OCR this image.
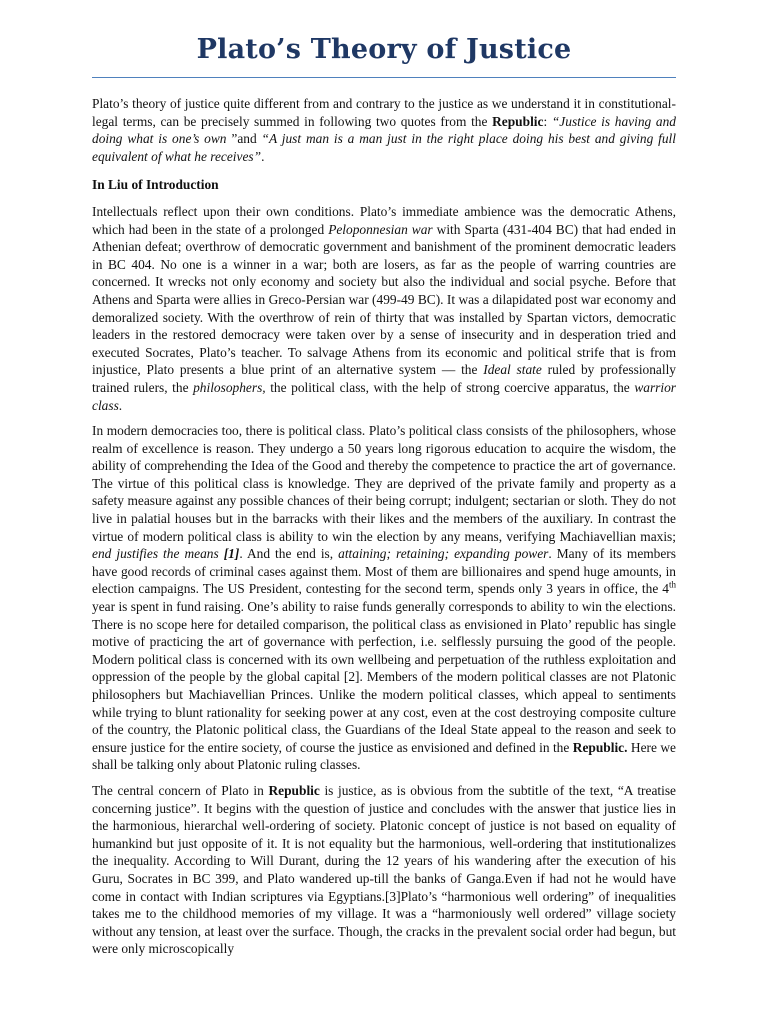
Plato’s Theory of Justice

Plato’s theory of justice quite different from and contrary to the justice as we understand it in constitutional-legal terms, can be precisely summed in following two quotes from the Republic: “Justice is having and doing what is one’s own ”and “A just man is a man just in the right place doing his best and giving full equivalent of what he receives”.

In Liu of Introduction

Intellectuals reflect upon their own conditions. Plato’s immediate ambience was the democratic Athens, which had been in the state of a prolonged Peloponnesian war with Sparta (431-404 BC) that had ended in Athenian defeat; overthrow of democratic government and banishment of the prominent democratic leaders in BC 404. No one is a winner in a war; both are losers, as far as the people of warring countries are concerned. It wrecks not only economy and society but also the individual and social psyche. Before that Athens and Sparta were allies in Greco-Persian war (499-49 BC). It was a dilapidated post war economy and demoralized society. With the overthrow of rein of thirty that was installed by Spartan victors, democratic leaders in the restored democracy were taken over by a sense of insecurity and in desperation tried and executed Socrates, Plato’s teacher. To salvage Athens from its economic and political strife that is from injustice, Plato presents a blue print of an alternative system — the Ideal state ruled by professionally trained rulers, the philosophers, the political class, with the help of strong coercive apparatus, the warrior class.

In modern democracies too, there is political class. Plato’s political class consists of the philosophers, whose realm of excellence is reason. They undergo a 50 years long rigorous education to acquire the wisdom, the ability of comprehending the Idea of the Good and thereby the competence to practice the art of governance. The virtue of this political class is knowledge. They are deprived of the private family and property as a safety measure against any possible chances of their being corrupt; indulgent; sectarian or sloth. They do not live in palatial houses but in the barracks with their likes and the members of the auxiliary. In contrast the virtue of modern political class is ability to win the election by any means, verifying Machiavellian maxis; end justifies the means [1]. And the end is, attaining; retaining; expanding power. Many of its members have good records of criminal cases against them. Most of them are billionaires and spend huge amounts, in election campaigns. The US President, contesting for the second term, spends only 3 years in office, the 4th year is spent in fund raising. One’s ability to raise funds generally corresponds to ability to win the elections. There is no scope here for detailed comparison, the political class as envisioned in Plato’ republic has single motive of practicing the art of governance with perfection, i.e. selflessly pursuing the good of the people. Modern political class is concerned with its own wellbeing and perpetuation of the ruthless exploitation and oppression of the people by the global capital [2]. Members of the modern political classes are not Platonic philosophers but Machiavellian Princes. Unlike the modern political classes, which appeal to sentiments while trying to blunt rationality for seeking power at any cost, even at the cost destroying composite culture of the country, the Platonic political class, the Guardians of the Ideal State appeal to the reason and seek to ensure justice for the entire society, of course the justice as envisioned and defined in the Republic. Here we shall be talking only about Platonic ruling classes.

The central concern of Plato in Republic is justice, as is obvious from the subtitle of the text, “A treatise concerning justice”. It begins with the question of justice and concludes with the answer that justice lies in the harmonious, hierarchal well-ordering of society. Platonic concept of justice is not based on equality of humankind but just opposite of it. It is not equality but the harmonious, well-ordering that institutionalizes the inequality. According to Will Durant, during the 12 years of his wandering after the execution of his Guru, Socrates in BC 399, and Plato wandered up-till the banks of Ganga.Even if had not he would have come in contact with Indian scriptures via Egyptians.[3]Plato’s “harmonious well ordering” of inequalities takes me to the childhood memories of my village. It was a “harmoniously well ordered” village society without any tension, at least over the surface. Though, the cracks in the prevalent social order had begun, but were only microscopically
